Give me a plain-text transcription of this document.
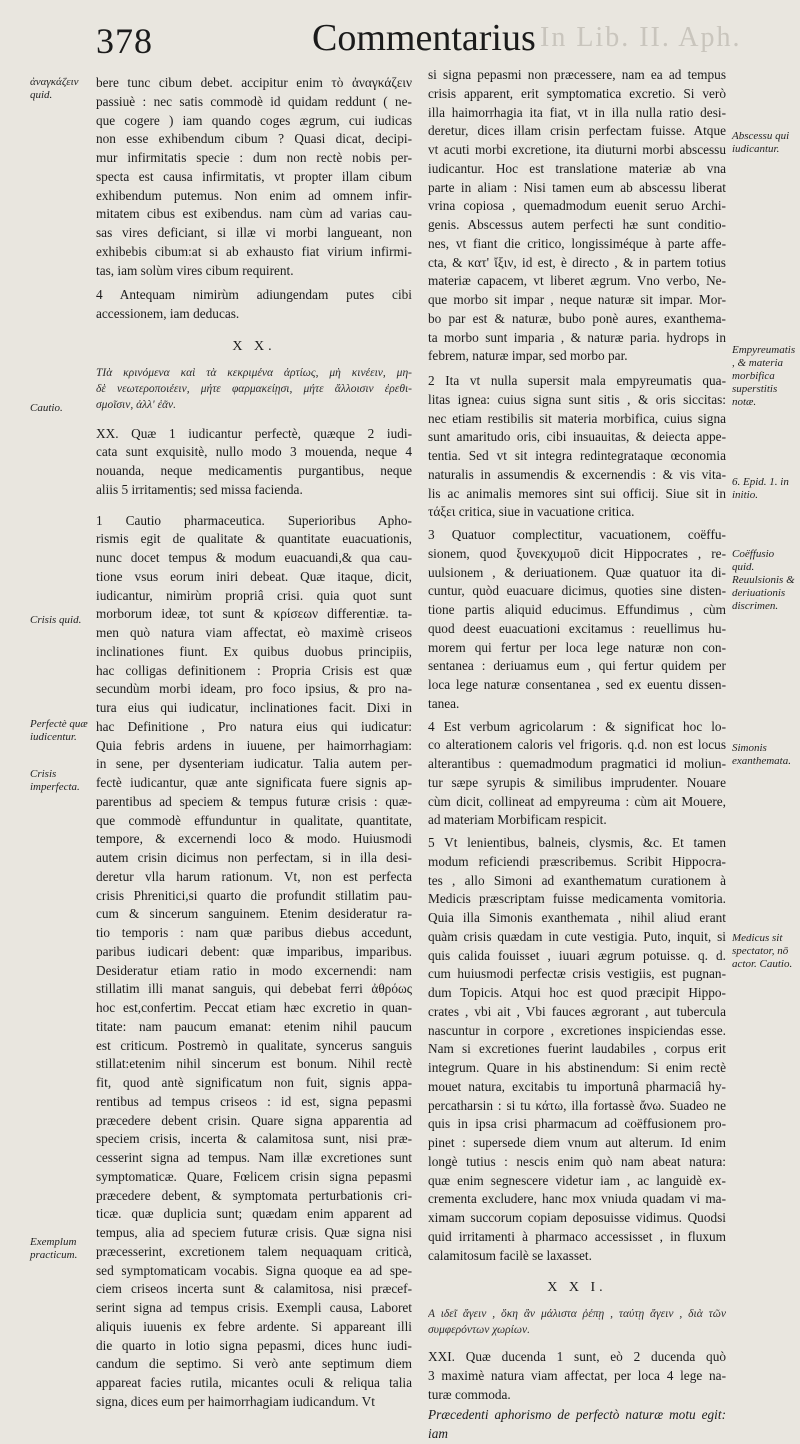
378	Commentarius In Lib. II. Aph.

bere tunc cibum debet. accipitur enim τὸ ἀναγκάζειν
passiuè : nec satis commodè id quidam reddunt ( ne-
que cogere ) iam quando coges ægrum, cui iudicas
non esse exhibendum cibum ? Quasi dicat, decipi-
mur infirmitatis specie : dum non rectè nobis per-
specta est causa infirmitatis, vt propter illam cibum
exhibendum putemus. Non enim ad omnem infir-
mitatem cibus est exibendus. nam cùm ad varias cau-
sas vires deficiant, si illæ vi morbi langueant, non
exhibebis cibum:at si ab exhausto fiat virium infirmi-
tas, iam solùm vires cibum requirent.

4 Antequam nimirùm adiungendam putes cibi
accessionem, iam deducas.

X X.

ΤΙὰ κρινόμενα καὶ τὰ κεκριμένα ἀρτίως, μὴ κινέειν, μη-
δὲ νεωτεροποιέειν, μήτε φαρμακείῃσι, μήτε ἄλλοισιν ἐρεθι-
σμοῖσιν, ἀλλ' ἐᾶν.

XX. Quæ 1 iudicantur perfectè, quæque 2 iudi-
cata sunt exquisitè, nullo modo 3 mouenda, neque 4
nouanda, neque medicamentis purgantibus, neque
aliis 5 irritamentis; sed missa facienda.

1 Cautio pharmaceutica. Superioribus Apho-
rismis egit de qualitate & quantitate euacuationis,
nunc docet tempus & modum euacuandi,& qua cau-
tione vsus eorum iniri debeat. Quæ itaque, dicit,
iudicantur, nimirùm propriâ crisi. quia quot sunt
morborum ideæ, tot sunt & κρίσεων differentiæ. ta-
men quò natura viam affectat, eò maximè criseos
inclinationes fiunt. Ex quibus duobus principiis,
hac colligas definitionem : Propria Crisis est quæ
secundùm morbi ideam, pro foco ipsius, & pro na-
tura eius qui iudicatur, inclinationes facit. Dixi in
hac Definitione , Pro natura eius qui iudicatur:
Quia febris ardens in iuuene, per haimorrhagiam:
in sene, per dysenteriam iudicatur. Talia autem per-
fectè iudicantur, quæ ante significata fuere signis ap-
parentibus ad speciem & tempus futuræ crisis : quæ-
que commodè effunduntur in qualitate, quantitate,
tempore, & excernendi loco & modo. Huiusmodi
autem crisin dicimus non perfectam, si in illa desi-
deretur vlla harum rationum. Vt, non est perfecta
crisis Phrenitici,si quarto die profundit stillatim pau-
cum & sincerum sanguinem. Etenim desideratur ra-
tio temporis : nam quæ paribus diebus accedunt,
paribus iudicari debent: quæ imparibus, imparibus.
Desideratur etiam ratio in modo excernendi: nam
stillatim illi manat sanguis, qui debebat ferri ἀθρόως
hoc est,confertim. Peccat etiam hæc excretio in quan-
titate: nam paucum emanat: etenim nihil paucum
est criticum. Postremò in qualitate, syncerus sanguis
stillat:etenim nihil sincerum est bonum. Nihil rectè
fit, quod antè significatum non fuit, signis appa-
rentibus ad tempus criseos : id est, signa pepasmi
præcedere debent crisin. Quare signa apparentia ad
speciem crisis, incerta & calamitosa sunt, nisi præ-
cesserint signa ad tempus. Nam illæ excretiones sunt
symptomaticæ. Quare, Fœlicem crisin signa pepasmi
præcedere debent, & symptomata perturbationis cri-
ticæ. quæ duplicia sunt; quædam enim apparent ad
tempus, alia ad speciem futuræ crisis. Quæ signa nisi
præcesserint, excretionem talem nequaquam criticà,
sed symptomaticam vocabis. Signa quoque ea ad spe-
ciem criseos incerta sunt & calamitosa, nisi præcef-
serint signa ad tempus crisis. Exempli causa, Laboret
aliquis iuuenis ex febre ardente. Si appareant illi
die quarto in lotio signa pepasmi, dices hunc iudi-
candum die septimo. Si verò ante septimum diem
appareat facies rutila, micantes oculi & reliqua talia
signa, dices eum per haimorrhagiam iudicandum. Vt

si signa pepasmi non præcessere, nam ea ad tempus
crisis apparent, erit symptomatica excretio. Si verò
illa haimorrhagia ita fiat, vt in illa nulla ratio desi-
deretur, dices illam crisin perfectam fuisse. Atque
vt acuti morbi excretione, ita diuturni morbi abscessu
iudicantur. Hoc est translatione materiæ ab vna
parte in aliam : Nisi tamen eum ab abscessu liberat
vrina copiosa , quemadmodum euenit seruo Archi-
genis. Abscessus autem perfecti hæ sunt conditio-
nes, vt fiant die critico, longissiméque à parte affe-
cta, & κατ' ἴξιν, id est, è directo , & in partem totius
materiæ capacem, vt liberet ægrum. Vno verbo, Ne-
que morbo sit impar , neque naturæ sit impar. Mor-
bo par est & naturæ, bubo ponè aures, exanthema-
ta morbo sunt imparia , & naturæ paria. hydrops in
febrem, naturæ impar, sed morbo par.

2 Ita vt nulla supersit mala empyreumatis qua-
litas ignea: cuius signa sunt sitis , & oris siccitas:
nec etiam restibilis sit materia morbifica, cuius signa
sunt amaritudo oris, cibi insuauitas, & deiecta appe-
tentia. Sed vt sit integra redintegrataque œconomia
naturalis in assumendis & excernendis : & vis vita-
lis ac animalis memores sint sui officij. Siue sit in
τάξει critica, siue in vacuatione critica.

3 Quatuor complectitur, vacuationem, coëffu-
sionem, quod ξυνεκχυμοῦ dicit Hippocrates , re-
uulsionem , & deriuationem. Quæ quatuor ita di-
cuntur, quòd euacuare dicimus, quoties sine disten-
tione partis aliquid educimus. Effundimus , cùm
quod deest euacuationi excitamus : reuellimus hu-
morem qui fertur per loca lege naturæ non con-
sentanea : deriuamus eum , qui fertur quidem per
loca lege naturæ consentanea , sed ex euentu dissen-
tanea.

4 Est verbum agricolarum : & significat hoc lo-
co alterationem caloris vel frigoris. q.d. non est locus
alterantibus : quemadmodum pragmatici id moliun-
tur sæpe syrupis & similibus imprudenter. Nouare
cùm dicit, collineat ad empyreuma : cùm ait Mouere,
ad materiam Morbificam respicit.

5 Vt lenientibus, balneis, clysmis, &c. Et tamen
modum reficiendi præscribemus. Scribit Hippocra-
tes , allo Simoni ad exanthematum curationem à
Medicis præscriptam fuisse medicamenta vomitoria.
Quia illa Simonis exanthemata , nihil aliud erant
quàm crisis quædam in cute vestigia. Puto, inquit, si
quis calida fouisset , iuuari ægrum potuisse. q. d.
cum huiusmodi perfectæ crisis vestigiis, est pugnan-
dum Topicis. Atqui hoc est quod præcipit Hippo-
crates , vbi ait , Vbi fauces ægrorant , aut tubercula
nascuntur in corpore , excretiones inspiciendas esse.
Nam si excretiones fuerint laudabiles , corpus erit
integrum. Quare in his abstinendum: Si enim rectè
mouet natura, excitabis tu importunâ pharmaciâ hy-
percatharsin : si tu κάτω, illa fortassè ἄνω. Suadeo ne
quis in ipsa crisi pharmacum ad coëffusionem pro-
pinet : supersede diem vnum aut alterum. Id enim
longè tutius : nescis enim quò nam abeat natura:
quæ enim segnescere videtur iam , ac languidè ex-
crementa excludere, hanc mox vniuda quadam vi ma-
ximam succorum copiam deposuisse vidimus. Quodsi
quid irritamenti à pharmaco accessisset , in fluxum
calamitosum facilè se laxasset.

X X I.

Α ιδεῖ ἄγειν , ὅκη ἂν μάλιστα ῥέπῃ , ταύτῃ ἄγειν , διὰ τῶν
συμφερόντων χωρίων.

XXI. Quæ ducenda 1 sunt, eò 2 ducenda quò
3 maximè natura viam affectat, per loca 4 lege na-
turæ commoda.

Præcedenti aphorismo de perfectò naturæ motu egit:
iam

ἀναγκάζειν quid.
Cautio.
Crisis quid.
Perfectè quæ iudicentur.
Crisis imperfecta.
Exemplum practicum.
Abscessu qui iudicantur.
Empyreumatis , & materia morbifica superstitis notæ.
6. Epid. 1. in initio.
Coëffusio quid. Reuulsionis & deriuationis discrimen.
Simonis exanthemata.
Medicus sit spectator, nō actor. Cautio.
